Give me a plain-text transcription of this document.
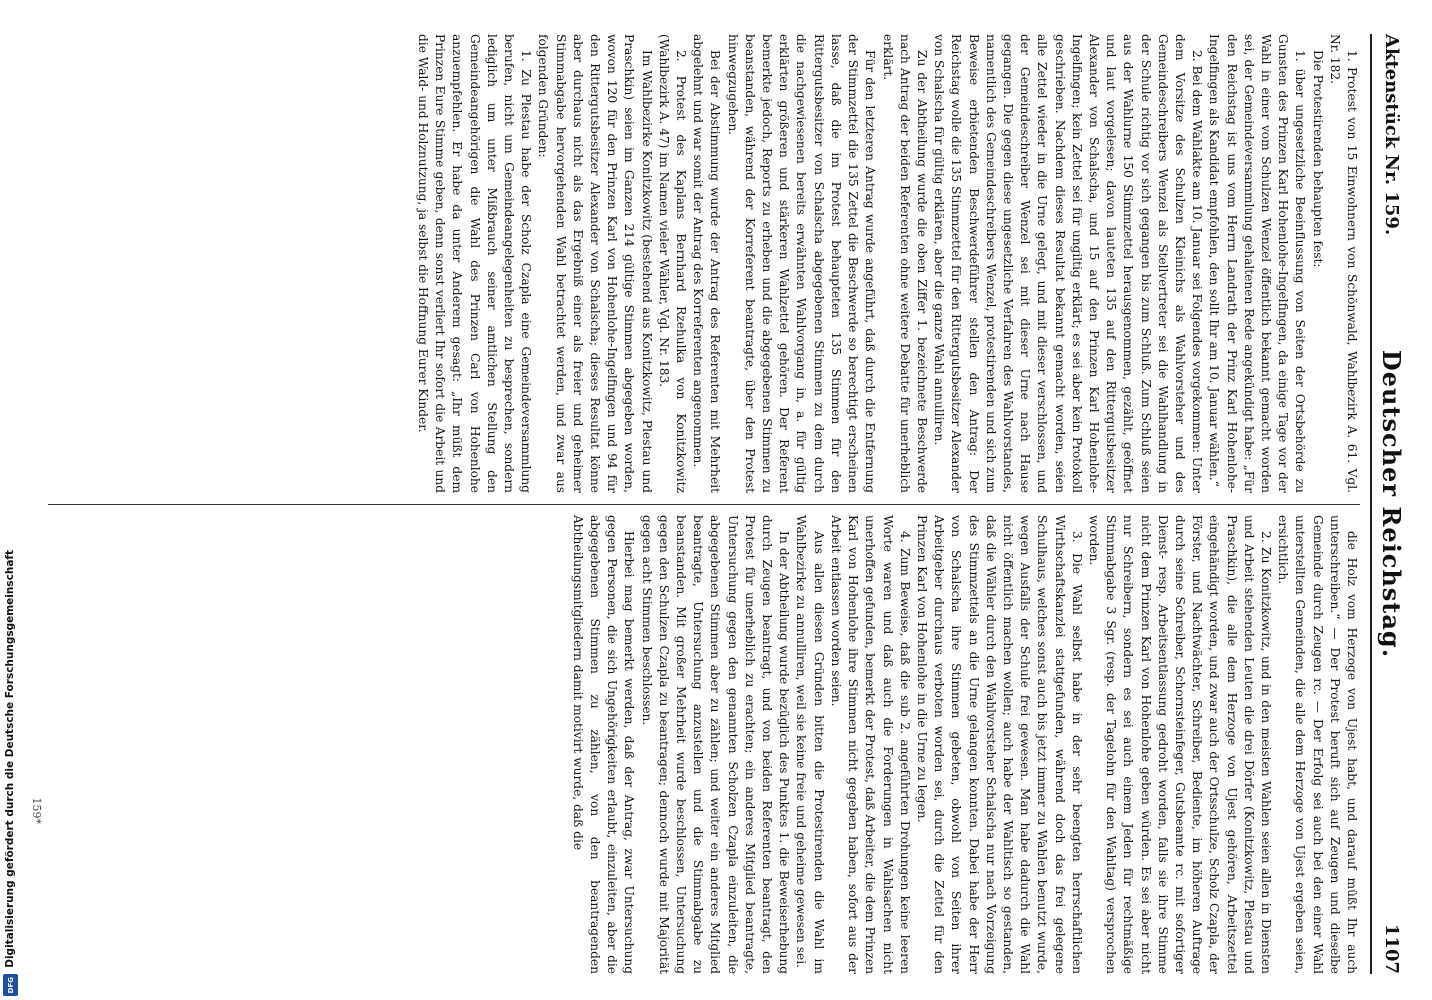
Aktenstück Nr. 159.
Deutscher Reichstag.
1107

1. Protest von 15 Einwohnern von Schönwald, Wahlbezirk A. 61. Vgl. Nr. 182.

Die Protestirenden behaupten fest:

1. über ungesetzliche Beeinflussung von Seiten der Ortsbehörde zu Gunsten des Prinzen Karl Hohenlohe-Ingelfingen, da einige Tage vor der Wahl in einer vom Schulzen Wenzel öffentlich bekannt gemacht worden sei, der Gemeindeversammlung gehaltenen Rede angekündigt habe: „Für den Reichstag ist uns vom Herrn Landrath der Prinz Karl Hohenlohe-Ingelfingen als Kandidat empfohlen, den sollt Ihr am 10. Januar wählen.“

2. Bei dem Wahlakte am 10. Januar sei Folgendes vorgekommen: Unter dem Vorsitze des Schulzen Kleinichs als Wahlvorsteher und des Gemeindeschreibers Wenzel als Stellvertreter sei die Wahlhandlung in der Schule richtig vor sich gegangen bis zum Schluß. Zum Schluß seien aus der Wahlurne 150 Stimmzettel herausgenommen, gezählt, geöffnet und laut vorgelesen; davon lauteten 135 auf den Rittergutsbesitzer Alexander von Schalscha, und 15 auf den Prinzen Karl Hohenlohe-Ingelfingen; kein Zettel sei für ungiltig erklärt; es sei aber kein Protokoll geschrieben. Nachdem dieses Resultat bekannt gemacht worden, seien alle Zettel wieder in die Urne gelegt, und mit dieser verschlossen, und der Gemeindeschreiber Wenzel sei mit dieser Urne nach Hause gegangen. Die gegen diese ungesetzliche Verfahren des Wahlvorstandes, namentlich des Gemeindeschreibers Wenzel, protestirenden und sich zum Beweise erbietenden Beschwerdeführer stellen den Antrag: Der Reichstag wolle die 135 Stimmzettel für den Rittergutsbesitzer Alexander von Schalscha für gültig erklären, aber die ganze Wahl annulliren.

Zu der Abtheilung wurde die oben Ziffer 1. bezeichnete Beschwerde nach Antrag der beiden Referenten ohne weitere Debatte für unerheblich erklärt.

Für den letzteren Antrag wurde angeführt, daß durch die Entfernung der Stimmzettel die 135 Zettel die Beschwerde so berechtigt erscheinen lasse, daß die im Protest behaupteten 135 Stimmen für den Rittergutsbesitzer von Schalscha abgegebenen Stimmen zu dem durch die nachgewiesenen bereits erwähnten Wahlvorgang in, a. für gültig erklärten größeren und stärkeren Wahlzettel gehören. Der Referent bemerkte jedoch, Reports zu erheben und die abgegebenen Stimmen zu beanstanden, während der Korreferent beantragte, über den Protest hinwegzugehen.

Bei der Abstimmung wurde der Antrag des Referenten mit Mehrheit abgelehnt und war somit der Antrag des Korreferenten angenommen.

2. Protest des Kaplans Bernhard Rzehulka von Konitzkowitz (Wahlbezirk A. 47) im Namen vieler Wähler, Vgl. Nr. 183.

Im Wahlbezirke Konitzkowitz (bestehend aus Konitzkowitz, Plestau und Praschkin) seien im Ganzen 214 gültige Stimmen abgegeben worden, wovon 120 für den Prinzen Karl von Hohenlohe-Ingelfingen und 94 für den Rittergutsbesitzer Alexander von Schalscha; dieses Resultat könne aber durchaus nicht als das Ergebniß einer als freier und geheimer Stimmabgabe hervorgehenden Wahl betrachtet werden, und zwar aus folgenden Gründen:

1. Zu Plestau habe der Scholz Czapla eine Gemeindeversammlung berufen, nicht um Gemeindeangelegenheiten zu besprechen, sondern lediglich um unter Mißbrauch seiner amtlichen Stellung den Gemeindeangehörigen die Wahl des Prinzen Carl von Hohenlohe anzuempfehlen. Er habe da unter Anderem gesagt: „Ihr müßt dem Prinzen Eure Stimme geben, denn sonst verliert Ihr sofort die Arbeit und die Wald- und Holznutzung, ja selbst die Hoffnung Eurer Kinder.

die Holz vom Herzoge von Ujest habt, und darauf müßt Ihr auch unterschreiben.“ — Der Protest beruft sich auf Zeugen und dieselbe Gemeinde durch Zeugen rc. — Der Erfolg sei auch bei den einer Wahl unterstellten Gemeinden, die alle dem Herzoge von Ujest ergeben seien, ersichtlich.

2. Zu Konitzkowitz, und in den meisten Wahlen seien allen in Diensten und Arbeit stehenden Leuten die drei Dörfer (Konitzkowitz, Plestau und Praschkin), die alle dem Herzoge von Ujest gehören, Arbeitszettel eingehändigt worden, und zwar auch der Ortsschulze, Scholz Czapla, der Förster, und Nachtwächter, Schreiber, Bediente, im höheren Auftrage durch seine Schreiber, Schornsteinfeger, Gutsbeamte rc. mit sofortiger Dienst- resp. Arbeitsentlassung gedroht worden, falls sie ihre Stimme nicht dem Prinzen Karl von Hohenlohe geben würden. Es sei aber nicht nur Schreibern, sondern es sei auch einem Jeden für rechtmäßige Stimmabgabe 3 Sgr. (resp. der Tagelohn für den Wahltag) versprochen worden.

3. Die Wahl selbst habe in der sehr beengten herrschaftlichen Wirthschaftskanzlei stattgefunden, während doch das frei gelegene Schulhaus, welches sonst auch bis jetzt immer zu Wahlen benutzt wurde, wegen Ausfalls der Schule frei gewesen. Man habe dadurch die Wahl nicht öffentlich machen wollen; auch habe der Wahltisch so gestanden, daß die Wähler durch den Wahlvorsteher Schalscha nur nach Vorzeigung des Stimmzettels an die Urne gelangen konnten. Dabei habe der Herr von Schalscha ihre Stimmen gebeten, obwohl von Seiten ihrer Arbeitgeber durchaus verboten worden sei, durch die Zettel für den Prinzen Karl von Hohenlohe in die Urne zu legen.

4. Zum Beweise, daß die sub 2. angeführten Drohungen keine leeren Worte waren und daß auch die Forderungen in Wahlsachen nicht unerhoffen gefunden, bemerkt der Protest, daß Arbeiter, die dem Prinzen Karl von Hohenlohe ihre Stimmen nicht gegeben haben, sofort aus der Arbeit entlassen worden seien.

Aus allen diesen Gründen bitten die Protestirenden die Wahl im Wahlbezirke zu annulliren, weil sie keine freie und geheime gewesen sei.

In der Abtheilung wurde bezüglich des Punktes 1. die Beweiserhebung durch Zeugen beantragt, und von beiden Referenten beantragt, den Protest für unerheblich zu erachten; ein anderes Mitglied beantragte, Untersuchung gegen den genannten Scholzen Czapla einzuleiten, die abgegebenen Stimmen aber zu zählen; und weiter ein anderes Mitglied beantragte, Untersuchung anzustellen und die Stimmabgabe zu beanstanden. Mit großer Mehrheit wurde beschlossen, Untersuchung gegen den Schulzen Czapla zu beantragen; dennoch wurde mit Majorität gegen acht Stimmen beschlossen.

Hierbei mag bemerkt werden, daß der Antrag, zwar Untersuchung gegen Personen, die sich Ungehörigkeiten erlaubt, einzuleiten, aber die abgegebenen Stimmen zu zählen, von den beantragenden Abtheilungsmitgliedern damit motivirt wurde, daß die

159*
Digitalisierung gefördert durch die Deutsche Forschungsgemeinschaft
DFG
